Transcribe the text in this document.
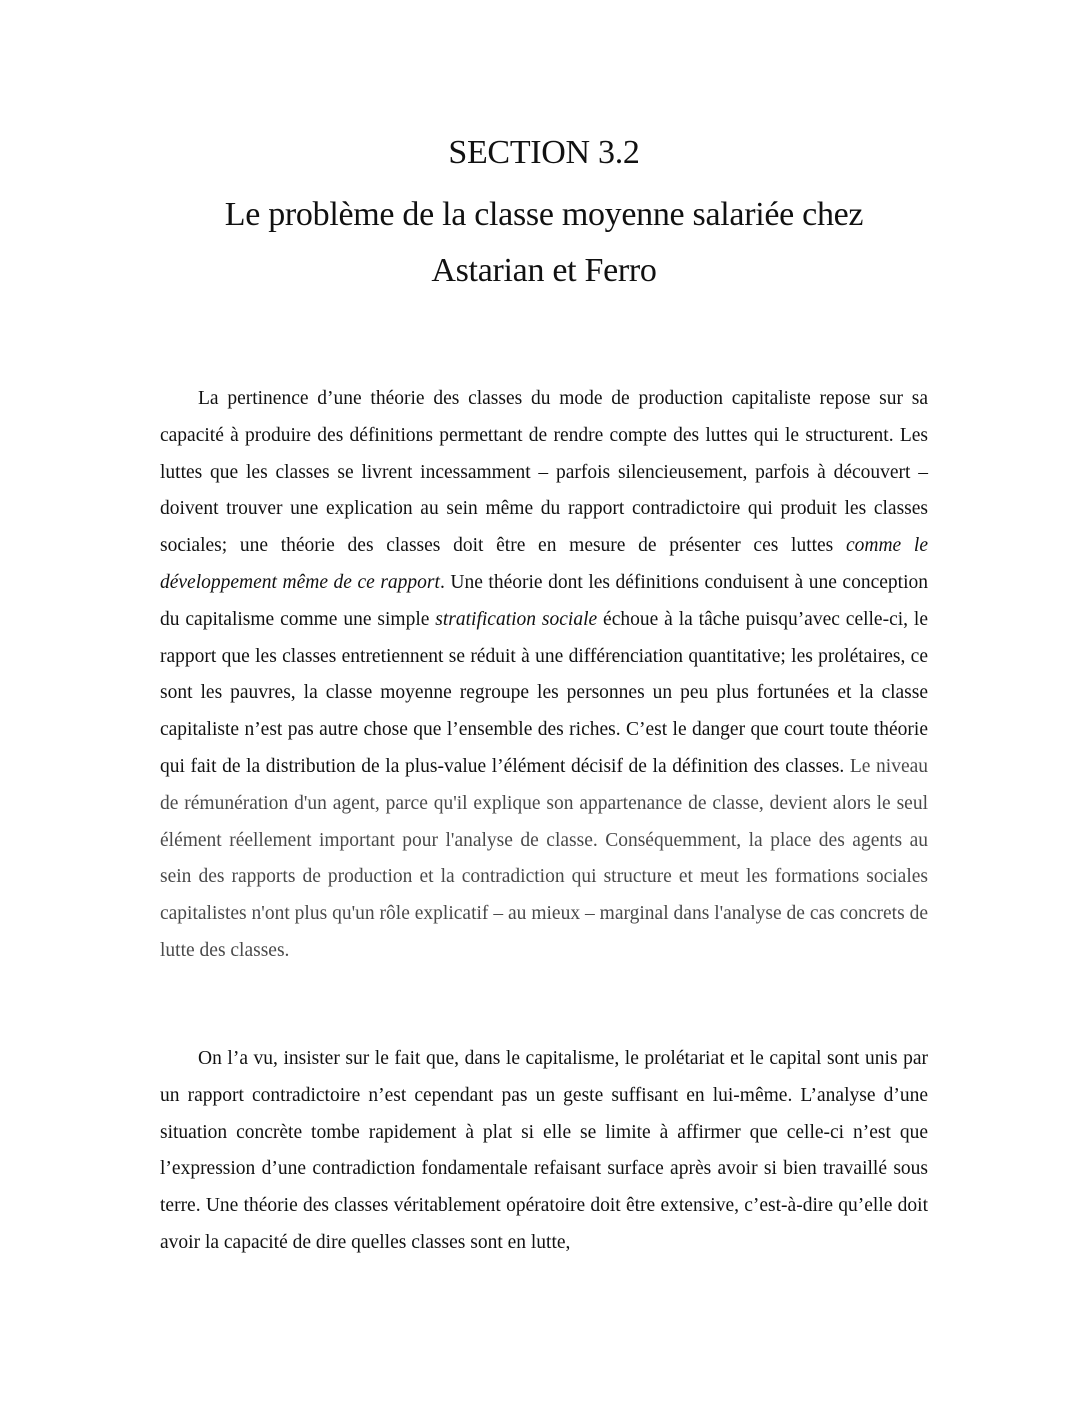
SECTION 3.2
Le problème de la classe moyenne salariée chez
Astarian et Ferro

La pertinence d’une théorie des classes du mode de production capitaliste repose sur sa capacité à produire des définitions permettant de rendre compte des luttes qui le structurent. Les luttes que les classes se livrent incessamment – parfois silencieusement, parfois à découvert – doivent trouver une explication au sein même du rapport contradictoire qui produit les classes sociales; une théorie des classes doit être en mesure de présenter ces luttes comme le développement même de ce rapport. Une théorie dont les définitions conduisent à une conception du capitalisme comme une simple stratification sociale échoue à la tâche puisqu’avec celle-ci, le rapport que les classes entretiennent se réduit à une différenciation quantitative; les prolétaires, ce sont les pauvres, la classe moyenne regroupe les personnes un peu plus fortunées et la classe capitaliste n’est pas autre chose que l’ensemble des riches. C’est le danger que court toute théorie qui fait de la distribution de la plus-value l’élément décisif de la définition des classes. Le niveau de rémunération d'un agent, parce qu'il explique son appartenance de classe, devient alors le seul élément réellement important pour l'analyse de classe. Conséquemment, la place des agents au sein des rapports de production et la contradiction qui structure et meut les formations sociales capitalistes n'ont plus qu'un rôle explicatif – au mieux – marginal dans l'analyse de cas concrets de lutte des classes.

On l’a vu, insister sur le fait que, dans le capitalisme, le prolétariat et le capital sont unis par un rapport contradictoire n’est cependant pas un geste suffisant en lui-même. L’analyse d’une situation concrète tombe rapidement à plat si elle se limite à affirmer que celle-ci n’est que l’expression d’une contradiction fondamentale refaisant surface après avoir si bien travaillé sous terre. Une théorie des classes véritablement opératoire doit être extensive, c’est-à-dire qu’elle doit avoir la capacité de dire quelles classes sont en lutte,
